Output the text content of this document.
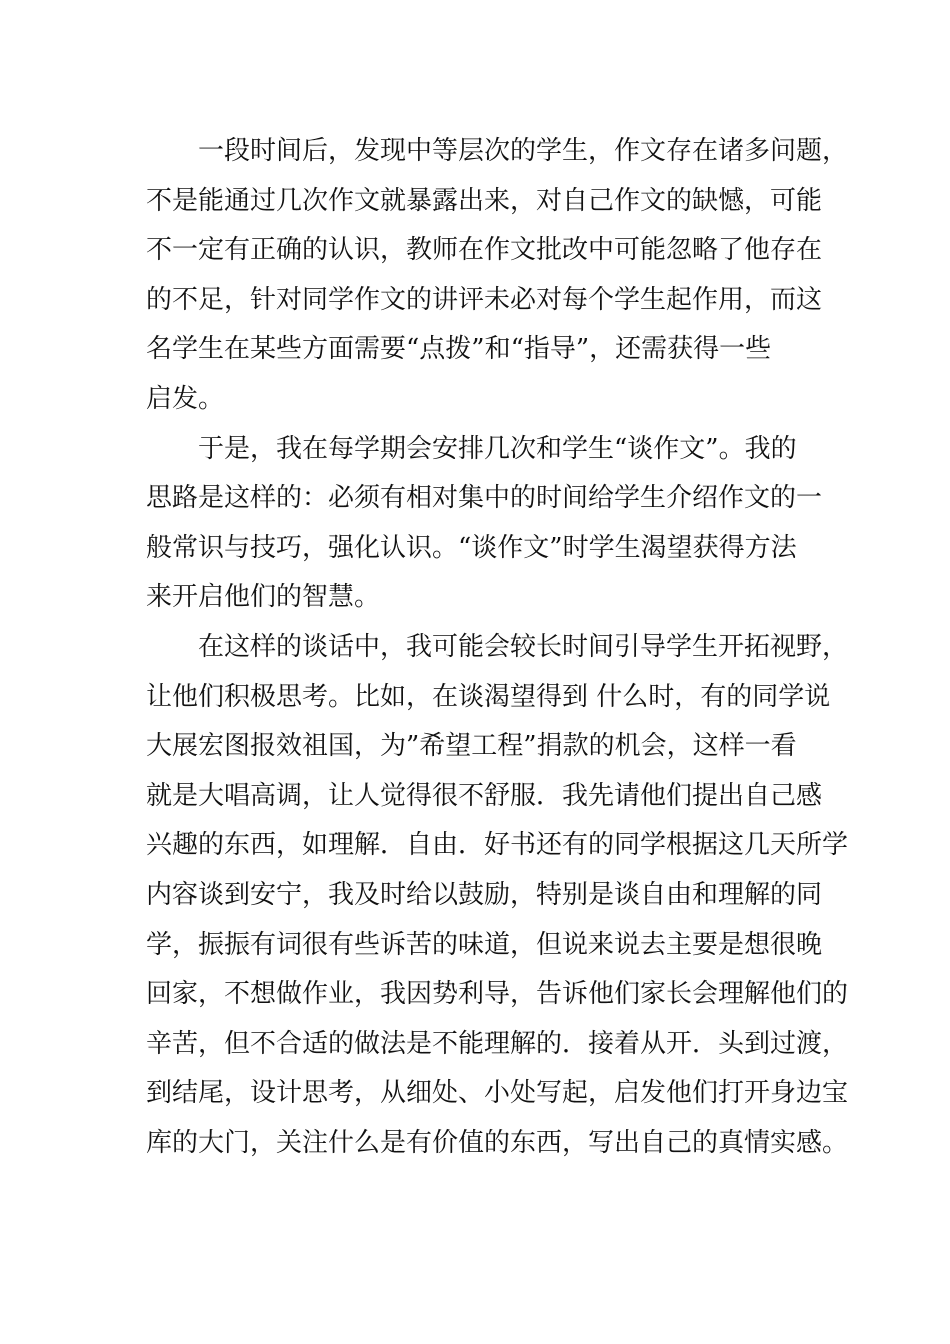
一段时间后，发现中等层次的学生，作文存在诸多问题，
不是能通过几次作文就暴露出来，对自己作文的缺憾，可能
不一定有正确的认识，教师在作文批改中可能忽略了他存在
的不足，针对同学作文的讲评未必对每个学生起作用，而这
名学生在某些方面需要“点拨”和“指导”，还需获得一些
启发。
于是，我在每学期会安排几次和学生“谈作文”。我的
思路是这样的：必须有相对集中的时间给学生介绍作文的一
般常识与技巧，强化认识。“谈作文”时学生渴望获得方法
来开启他们的智慧。
在这样的谈话中，我可能会较长时间引导学生开拓视野，
让他们积极思考。比如，在谈渴望得到 什么时，有的同学说
大展宏图报效祖国，为”希望工程”捐款的机会，这样一看
就是大唱高调，让人觉得很不舒服．我先请他们提出自己感
兴趣的东西，如理解．自由．好书还有的同学根据这几天所学
内容谈到安宁，我及时给以鼓励，特别是谈自由和理解的同
学，振振有词很有些诉苦的味道，但说来说去主要是想很晚
回家，不想做作业，我因势利导，告诉他们家长会理解他们的
辛苦，但不合适的做法是不能理解的．接着从开．头到过渡，
到结尾，设计思考，从细处、小处写起，启发他们打开身边宝
库的大门，关注什么是有价值的东西，写出自己的真情实感。
